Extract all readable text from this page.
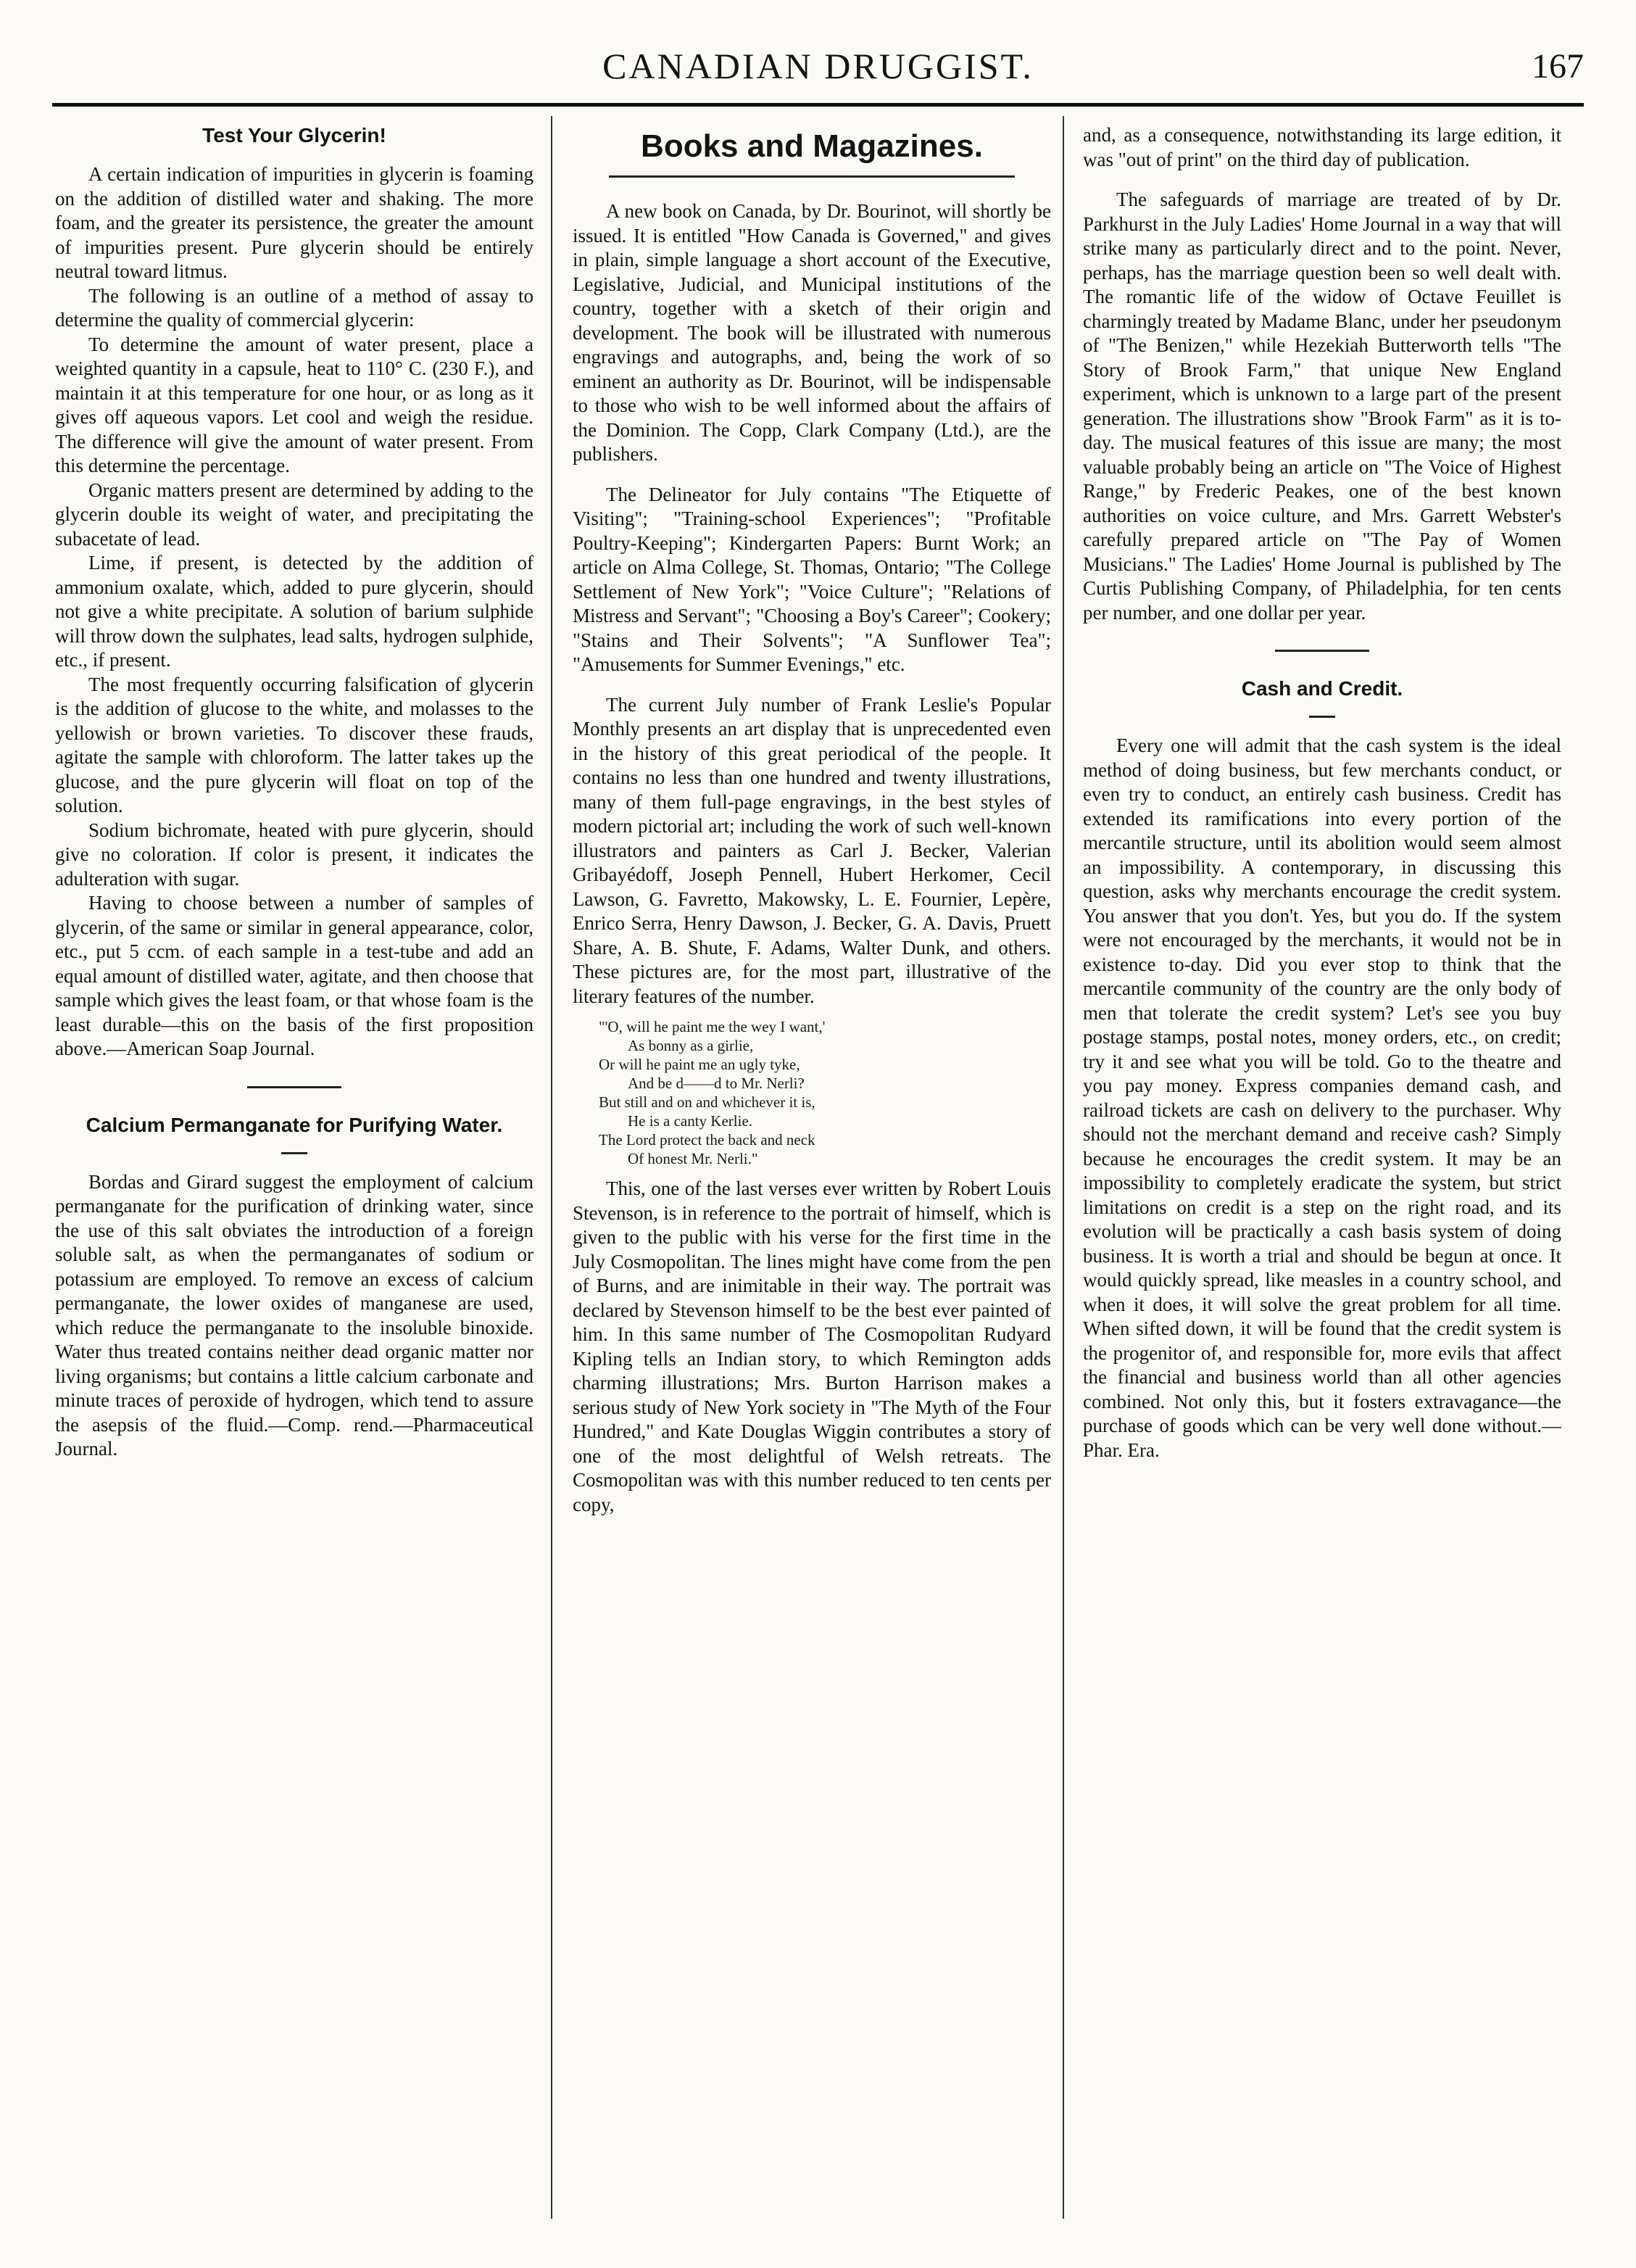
CANADIAN DRUGGIST.	167
Test Your Glycerin!

A certain indication of impurities in glycerin is foaming on the addition of distilled water and shaking. The more foam, and the greater its persistence, the greater the amount of impurities present. Pure glycerin should be entirely neutral toward litmus.

The following is an outline of a method of assay to determine the quality of commercial glycerin:

To determine the amount of water present, place a weighted quantity in a capsule, heat to 110° C. (230 F.), and maintain it at this temperature for one hour, or as long as it gives off aqueous vapors. Let cool and weigh the residue. The difference will give the amount of water present. From this determine the percentage.

Organic matters present are determined by adding to the glycerin double its weight of water, and precipitating the subacetate of lead.

Lime, if present, is detected by the addition of ammonium oxalate, which, added to pure glycerin, should not give a white precipitate. A solution of barium sulphide will throw down the sulphates, lead salts, hydrogen sulphide, etc., if present.

The most frequently occurring falsification of glycerin is the addition of glucose to the white, and molasses to the yellowish or brown varieties. To discover these frauds, agitate the sample with chloroform. The latter takes up the glucose, and the pure glycerin will float on top of the solution.

Sodium bichromate, heated with pure glycerin, should give no coloration. If color is present, it indicates the adulteration with sugar.

Having to choose between a number of samples of glycerin, of the same or similar in general appearance, color, etc., put 5 ccm. of each sample in a test-tube and add an equal amount of distilled water, agitate, and then choose that sample which gives the least foam, or that whose foam is the least durable—this on the basis of the first proposition above.—American Soap Journal.

Calcium Permanganate for Purifying Water.

Bordas and Girard suggest the employment of calcium permanganate for the purification of drinking water, since the use of this salt obviates the introduction of a foreign soluble salt, as when the permanganates of sodium or potassium are employed. To remove an excess of calcium permanganate, the lower oxides of manganese are used, which reduce the permanganate to the insoluble binoxide. Water thus treated contains neither dead organic matter nor living organisms; but contains a little calcium carbonate and minute traces of peroxide of hydrogen, which tend to assure the asepsis of the fluid.—Comp. rend.—Pharmaceutical Journal.

Books and Magazines.

A new book on Canada, by Dr. Bourinot, will shortly be issued. It is entitled "How Canada is Governed," and gives in plain, simple language a short account of the Executive, Legislative, Judicial, and Municipal institutions of the country, together with a sketch of their origin and development. The book will be illustrated with numerous engravings and autographs, and, being the work of so eminent an authority as Dr. Bourinot, will be indispensable to those who wish to be well informed about the affairs of the Dominion. The Copp, Clark Company (Ltd.), are the publishers.

The Delineator for July contains "The Etiquette of Visiting"; "Training-school Experiences"; "Profitable Poultry-Keeping"; Kindergarten Papers: Burnt Work; an article on Alma College, St. Thomas, Ontario; "The College Settlement of New York"; "Voice Culture"; "Relations of Mistress and Servant"; "Choosing a Boy's Career"; Cookery; "Stains and Their Solvents"; "A Sunflower Tea"; "Amusements for Summer Evenings," etc.

The current July number of Frank Leslie's Popular Monthly presents an art display that is unprecedented even in the history of this great periodical of the people. It contains no less than one hundred and twenty illustrations, many of them full-page engravings, in the best styles of modern pictorial art; including the work of such well-known illustrators and painters as Carl J. Becker, Valerian Gribayédoff, Joseph Pennell, Hubert Herkomer, Cecil Lawson, G. Favretto, Makowsky, L. E. Fournier, Lepère, Enrico Serra, Henry Dawson, J. Becker, G. A. Davis, Pruett Share, A. B. Shute, F. Adams, Walter Dunk, and others. These pictures are, for the most part, illustrative of the literary features of the number.

"'O, will he paint me the wey I want,'
As bonny as a girlie,
Or will he paint me an ugly tyke,
And be d——d to Mr. Nerli?
But still and on and whichever it is,
He is a canty Kerlie.
The Lord protect the back and neck
Of honest Mr. Nerli."

This, one of the last verses ever written by Robert Louis Stevenson, is in reference to the portrait of himself, which is given to the public with his verse for the first time in the July Cosmopolitan. The lines might have come from the pen of Burns, and are inimitable in their way. The portrait was declared by Stevenson himself to be the best ever painted of him. In this same number of The Cosmopolitan Rudyard Kipling tells an Indian story, to which Remington adds charming illustrations; Mrs. Burton Harrison makes a serious study of New York society in "The Myth of the Four Hundred," and Kate Douglas Wiggin contributes a story of one of the most delightful of Welsh retreats. The Cosmopolitan was with this number reduced to ten cents per copy,

and, as a consequence, notwithstanding its large edition, it was "out of print" on the third day of publication.

The safeguards of marriage are treated of by Dr. Parkhurst in the July Ladies' Home Journal in a way that will strike many as particularly direct and to the point. Never, perhaps, has the marriage question been so well dealt with. The romantic life of the widow of Octave Feuillet is charmingly treated by Madame Blanc, under her pseudonym of "The Benizen," while Hezekiah Butterworth tells "The Story of Brook Farm," that unique New England experiment, which is unknown to a large part of the present generation. The illustrations show "Brook Farm" as it is to-day. The musical features of this issue are many; the most valuable probably being an article on "The Voice of Highest Range," by Frederic Peakes, one of the best known authorities on voice culture, and Mrs. Garrett Webster's carefully prepared article on "The Pay of Women Musicians." The Ladies' Home Journal is published by The Curtis Publishing Company, of Philadelphia, for ten cents per number, and one dollar per year.

Cash and Credit.

Every one will admit that the cash system is the ideal method of doing business, but few merchants conduct, or even try to conduct, an entirely cash business. Credit has extended its ramifications into every portion of the mercantile structure, until its abolition would seem almost an impossibility. A contemporary, in discussing this question, asks why merchants encourage the credit system. You answer that you don't. Yes, but you do. If the system were not encouraged by the merchants, it would not be in existence to-day. Did you ever stop to think that the mercantile community of the country are the only body of men that tolerate the credit system? Let's see you buy postage stamps, postal notes, money orders, etc., on credit; try it and see what you will be told. Go to the theatre and you pay money. Express companies demand cash, and railroad tickets are cash on delivery to the purchaser. Why should not the merchant demand and receive cash? Simply because he encourages the credit system. It may be an impossibility to completely eradicate the system, but strict limitations on credit is a step on the right road, and its evolution will be practically a cash basis system of doing business. It is worth a trial and should be begun at once. It would quickly spread, like measles in a country school, and when it does, it will solve the great problem for all time. When sifted down, it will be found that the credit system is the progenitor of, and responsible for, more evils that affect the financial and business world than all other agencies combined. Not only this, but it fosters extravagance—the purchase of goods which can be very well done without.—Phar. Era.
